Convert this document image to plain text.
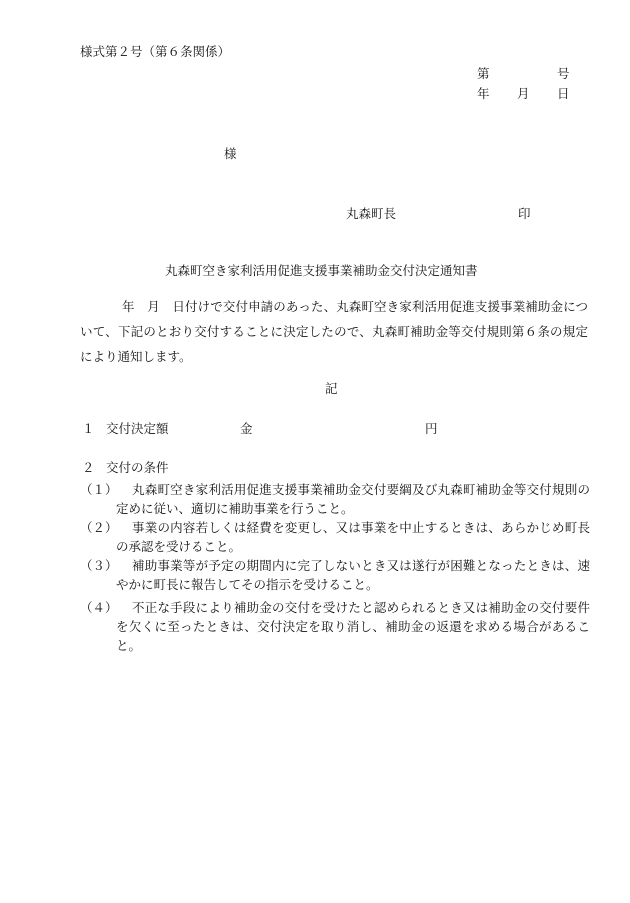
様式第２号（第６条関係）
第	号
年 月 日
様
丸森町長	印
丸森町空き家利活用促進支援事業補助金交付決定通知書
年　月　日付けで交付申請のあった、丸森町空き家利活用促進支援事業補助金について、下記のとおり交付することに決定したので、丸森町補助金等交付規則第６条の規定により通知します。
記
１ 交付決定額	金	円
２ 交付の条件
（１）	丸森町空き家利活用促進支援事業補助金交付要綱及び丸森町補助金等交付規則の定めに従い、適切に補助事業を行うこと。
（２）	事業の内容若しくは経費を変更し、又は事業を中止するときは、あらかじめ町長の承認を受けること。
（３）	補助事業等が予定の期間内に完了しないとき又は遂行が困難となったときは、速やかに町長に報告してその指示を受けること。
（４）	不正な手段により補助金の交付を受けたと認められるとき又は補助金の交付要件を欠くに至ったときは、交付決定を取り消し、補助金の返還を求める場合があること。
